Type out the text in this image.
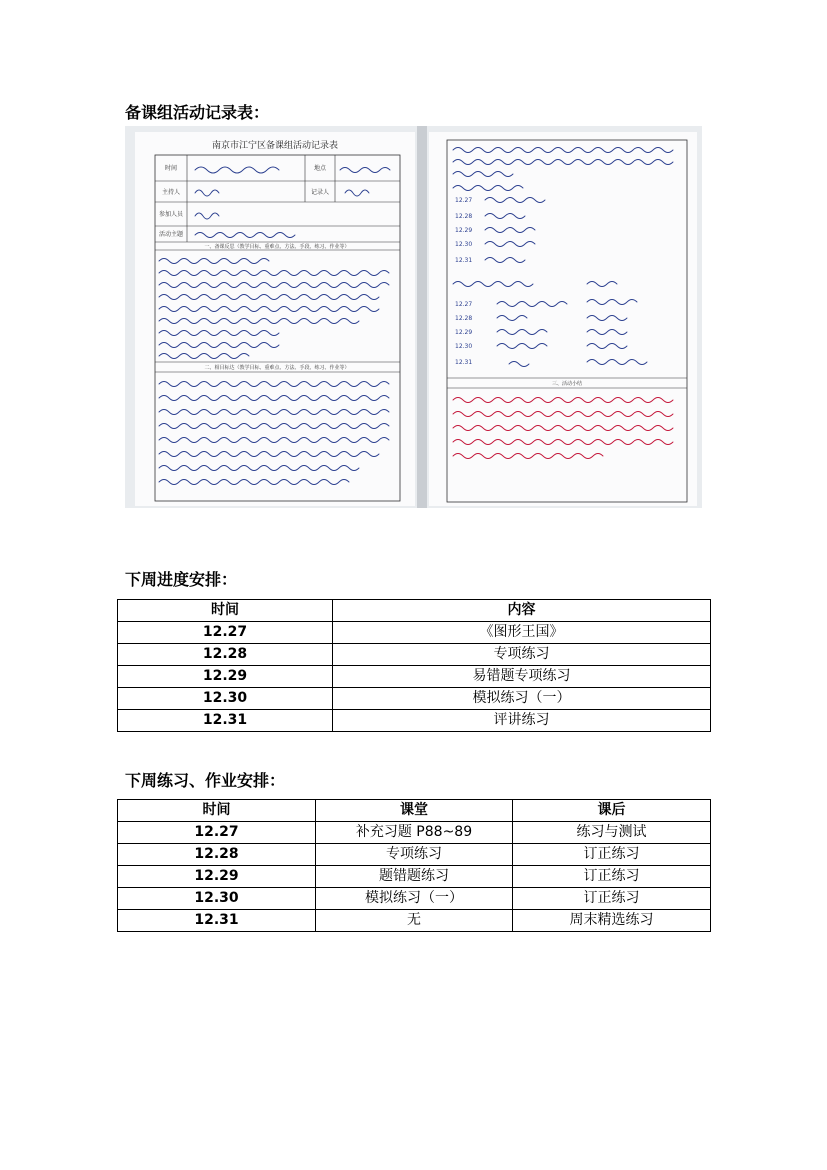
备课组活动记录表：
南京市江宁区备课组活动记录表
时间	地点
主持人	记录人
参加人员
活动主题
一、备课反思（教学目标、重难点、方法、手段、练习、作业等）
二、相目标达（教学目标、重难点、方法、手段、练习、作业等）
三、活动小结
12.27
12.28
12.29
12.30
12.31
12.27
12.28
12.29
12.30
12.31
下周进度安排：
时间	内容
12.27	《图形王国》
12.28	专项练习
12.29	易错题专项练习
12.30	模拟练习（一）
12.31	评讲练习
下周练习、作业安排：
时间	课堂	课后
12.27	补充习题 P88~89	练习与测试
12.28	专项练习	订正练习
12.29	题错题练习	订正练习
12.30	模拟练习（一）	订正练习
12.31	无	周末精选练习
